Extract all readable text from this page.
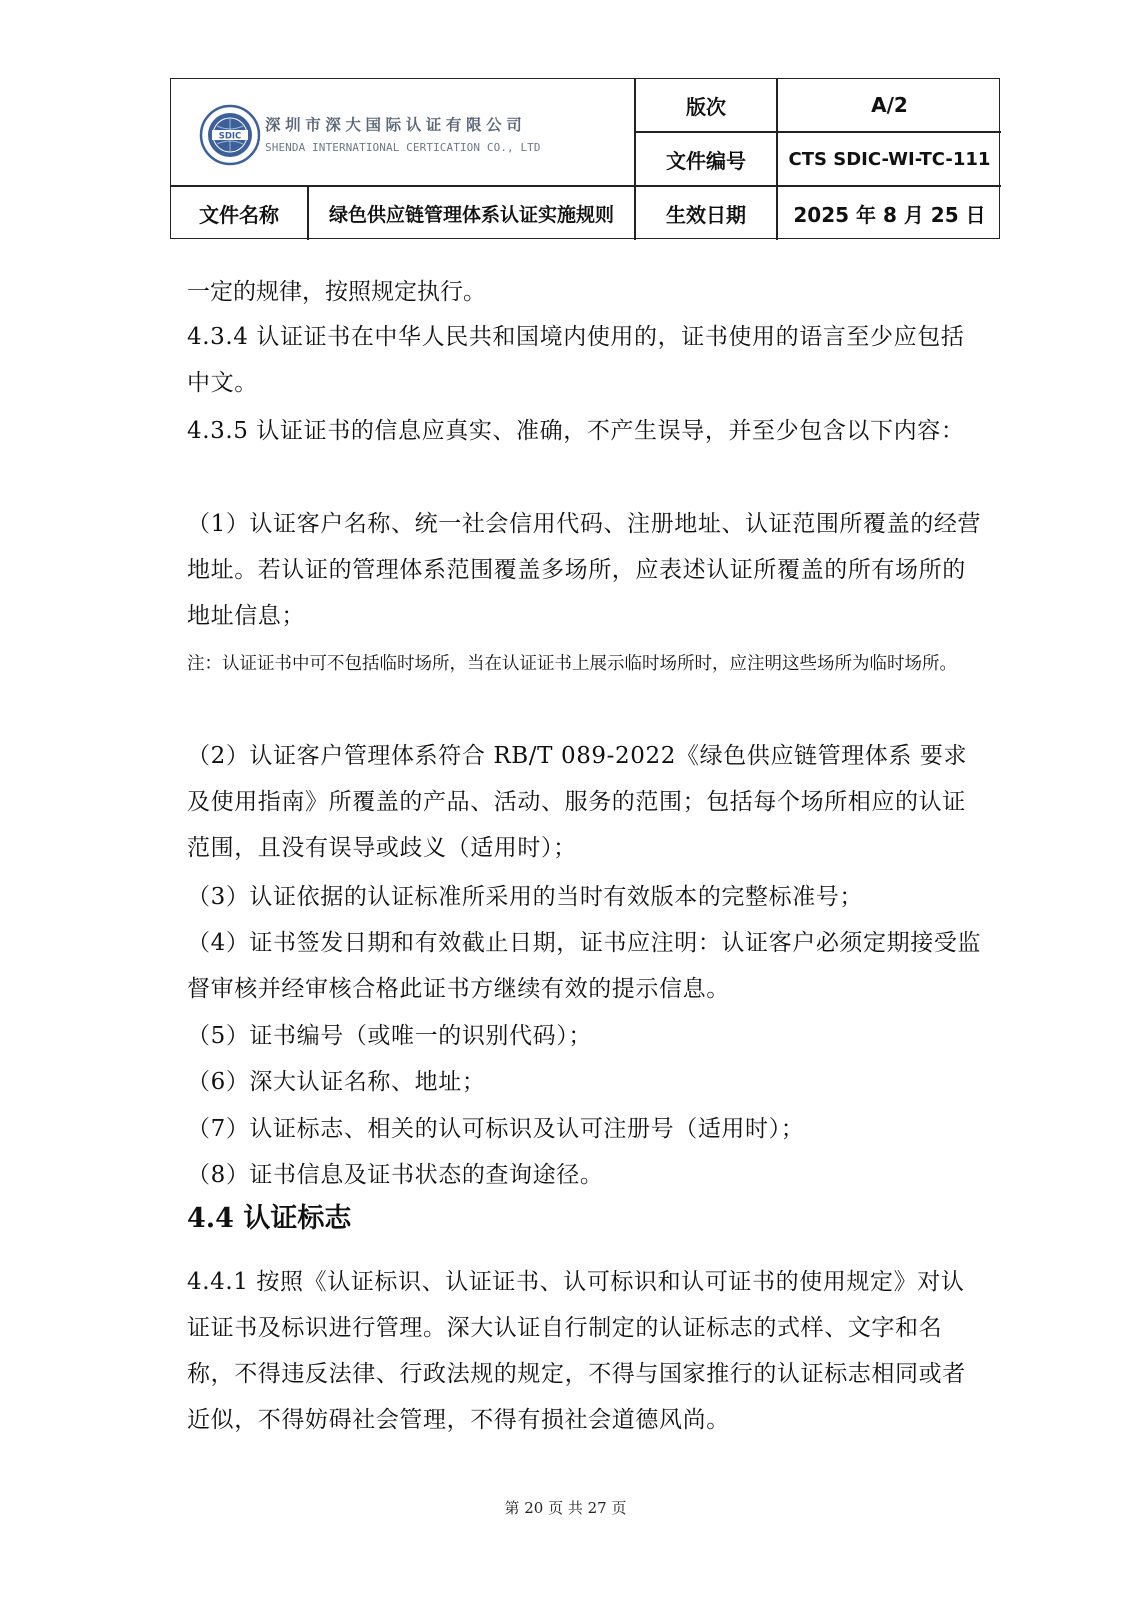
SDIC
深圳市深大国际认证有限公司
SHENDA INTERNATIONAL CERTICATION CO., LTD
版次	A/2
文件编号	CTS SDIC-WI-TC-111
文件名称	绿色供应链管理体系认证实施规则	生效日期	2025 年 8 月 25 日
一定的规律，按照规定执行。
4.3.4 认证证书在中华人民共和国境内使用的，证书使用的语言至少应包括中文。
4.3.5 认证证书的信息应真实、准确，不产生误导，并至少包含以下内容：
（1）认证客户名称、统一社会信用代码、注册地址、认证范围所覆盖的经营地址。若认证的管理体系范围覆盖多场所，应表述认证所覆盖的所有场所的地址信息；
注：认证证书中可不包括临时场所，当在认证证书上展示临时场所时，应注明这些场所为临时场所。
（2）认证客户管理体系符合 RB/T 089-2022《绿色供应链管理体系 要求及使用指南》所覆盖的产品、活动、服务的范围；包括每个场所相应的认证范围，且没有误导或歧义（适用时）；
（3）认证依据的认证标准所采用的当时有效版本的完整标准号；
（4）证书签发日期和有效截止日期，证书应注明：认证客户必须定期接受监督审核并经审核合格此证书方继续有效的提示信息。
（5）证书编号（或唯一的识别代码）；
（6）深大认证名称、地址；
（7）认证标志、相关的认可标识及认可注册号（适用时）；
（8）证书信息及证书状态的查询途径。
4.4 认证标志
4.4.1 按照《认证标识、认证证书、认可标识和认可证书的使用规定》对认证证书及标识进行管理。深大认证自行制定的认证标志的式样、文字和名称，不得违反法律、行政法规的规定，不得与国家推行的认证标志相同或者近似，不得妨碍社会管理，不得有损社会道德风尚。
第 20 页 共 27 页
